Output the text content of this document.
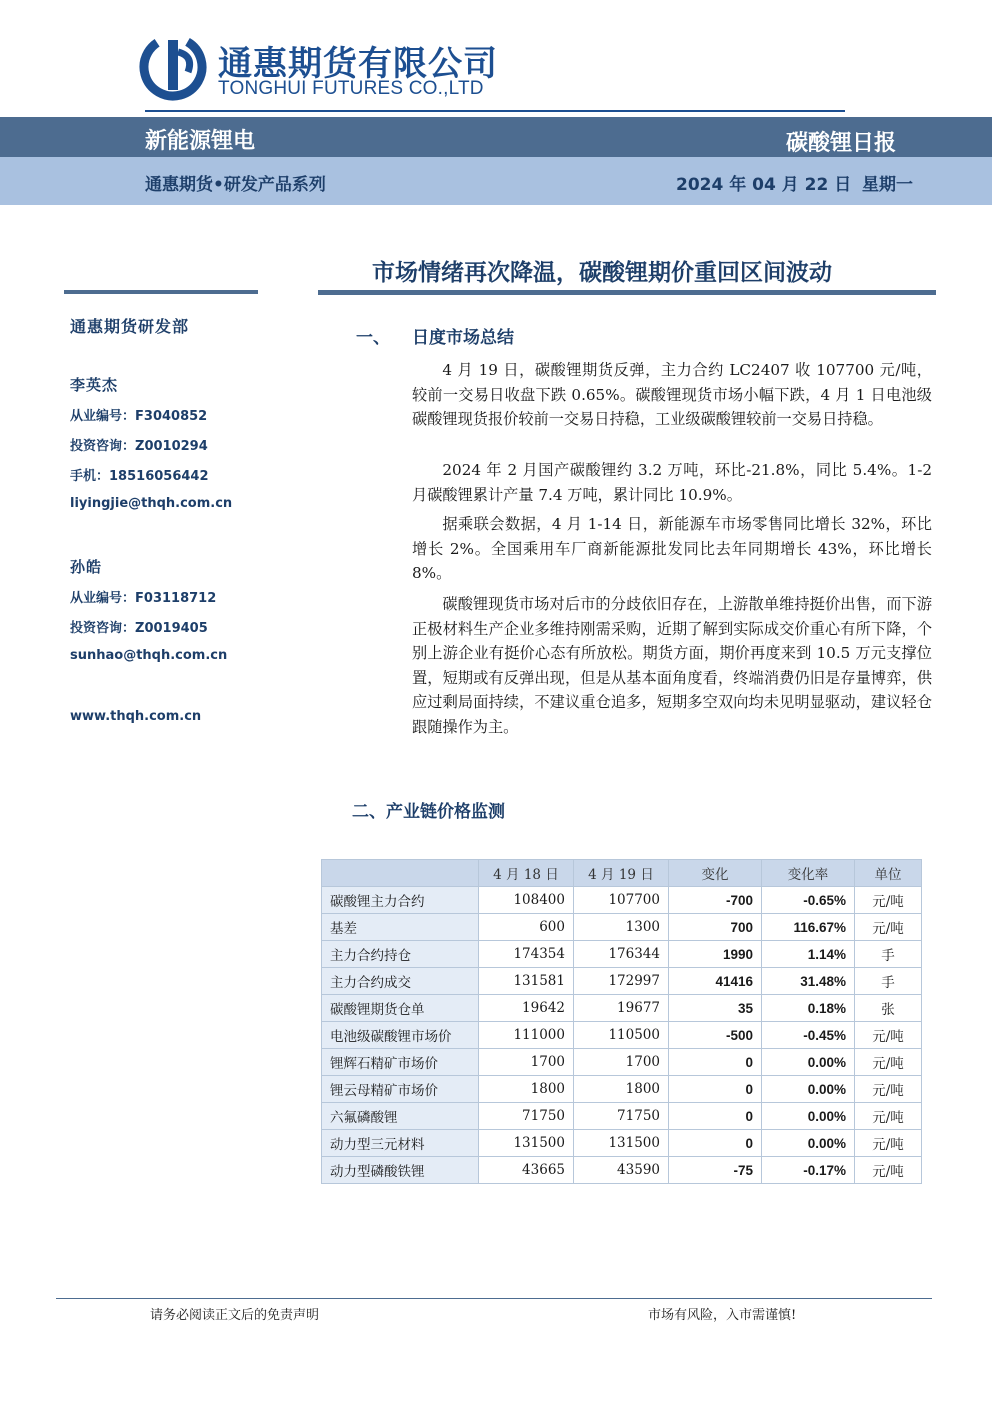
通惠期货有限公司
TONGHUI FUTURES CO.,LTD
新能源锂电	碳酸锂日报
通惠期货•研发产品系列	2024 年 04 月 22 日 星期一
市场情绪再次降温，碳酸锂期价重回区间波动
通惠期货研发部
李英杰
从业编号：F3040852
投资咨询：Z0010294
手机：18516056442
liyingjie@thqh.com.cn
孙皓
从业编号：F03118712
投资咨询：Z0019405
sunhao@thqh.com.cn
www.thqh.com.cn
一、 日度市场总结

4 月 19 日，碳酸锂期货反弹，主力合约 LC2407 收 107700 元/吨，较前一交易日收盘下跌 0.65%。碳酸锂现货市场小幅下跌，4 月 1 日电池级碳酸锂现货报价较前一交易日持稳，工业级碳酸锂较前一交易日持稳。

2024 年 2 月国产碳酸锂约 3.2 万吨，环比-21.8%，同比 5.4%。1-2 月碳酸锂累计产量 7.4 万吨，累计同比 10.9%。

据乘联会数据，4 月 1-14 日，新能源车市场零售同比增长 32%，环比增长 2%。全国乘用车厂商新能源批发同比去年同期增长 43%，环比增长 8%。

碳酸锂现货市场对后市的分歧依旧存在，上游散单维持挺价出售，而下游正极材料生产企业多维持刚需采购，近期了解到实际成交价重心有所下降，个别上游企业有挺价心态有所放松。期货方面，期价再度来到 10.5 万元支撑位置，短期或有反弹出现，但是从基本面角度看，终端消费仍旧是存量博弈，供应过剩局面持续，不建议重仓追多，短期多空双向均未见明显驱动，建议轻仓跟随操作为主。

二、产业链价格监测
	4 月 18 日	4 月 19 日	变化	变化率	单位
碳酸锂主力合约	108400	107700	-700	-0.65%	元/吨
基差	600	1300	700	116.67%	元/吨
主力合约持仓	174354	176344	1990	1.14%	手
主力合约成交	131581	172997	41416	31.48%	手
碳酸锂期货仓单	19642	19677	35	0.18%	张
电池级碳酸锂市场价	111000	110500	-500	-0.45%	元/吨
锂辉石精矿市场价	1700	1700	0	0.00%	元/吨
锂云母精矿市场价	1800	1800	0	0.00%	元/吨
六氟磷酸锂	71750	71750	0	0.00%	元/吨
动力型三元材料	131500	131500	0	0.00%	元/吨
动力型磷酸铁锂	43665	43590	-75	-0.17%	元/吨
请务必阅读正文后的免责声明	市场有风险，入市需谨慎!
